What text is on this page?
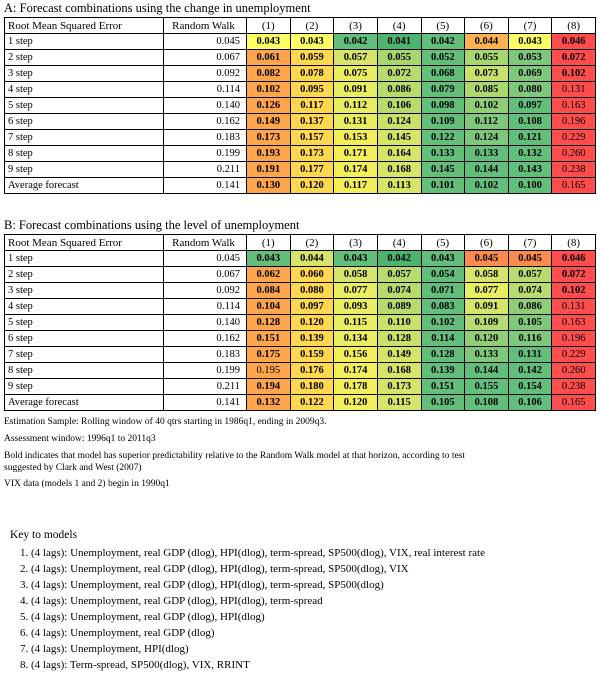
A: Forecast combinations using the change in unemployment
Root Mean Squared Error	Random Walk	(1)	(2)	(3)	(4)	(5)	(6)	(7)	(8)
1 step	0.045	0.043	0.043	0.042	0.041	0.042	0.044	0.043	0.046
2 step	0.067	0.061	0.059	0.057	0.055	0.052	0.055	0.053	0.072
3 step	0.092	0.082	0.078	0.075	0.072	0.068	0.073	0.069	0.102
4 step	0.114	0.102	0.095	0.091	0.086	0.079	0.085	0.080	0.131
5 step	0.140	0.126	0.117	0.112	0.106	0.098	0.102	0.097	0.163
6 step	0.162	0.149	0.137	0.131	0.124	0.109	0.112	0.108	0.196
7 step	0.183	0.173	0.157	0.153	0.145	0.122	0.124	0.121	0.229
8 step	0.199	0.193	0.173	0.171	0.164	0.133	0.133	0.132	0.260
9 step	0.211	0.191	0.177	0.174	0.168	0.145	0.144	0.143	0.238
Average forecast	0.141	0.130	0.120	0.117	0.113	0.101	0.102	0.100	0.165
B: Forecast combinations using the level of unemployment
Root Mean Squared Error	Random Walk	(1)	(2)	(3)	(4)	(5)	(6)	(7)	(8)
1 step	0.045	0.043	0.044	0.043	0.042	0.043	0.045	0.045	0.046
2 step	0.067	0.062	0.060	0.058	0.057	0.054	0.058	0.057	0.072
3 step	0.092	0.084	0.080	0.077	0.074	0.071	0.077	0.074	0.102
4 step	0.114	0.104	0.097	0.093	0.089	0.083	0.091	0.086	0.131
5 step	0.140	0.128	0.120	0.115	0.110	0.102	0.109	0.105	0.163
6 step	0.162	0.151	0.139	0.134	0.128	0.114	0.120	0.116	0.196
7 step	0.183	0.175	0.159	0.156	0.149	0.128	0.133	0.131	0.229
8 step	0.199	0.195	0.176	0.174	0.168	0.139	0.144	0.142	0.260
9 step	0.211	0.194	0.180	0.178	0.173	0.151	0.155	0.154	0.238
Average forecast	0.141	0.132	0.122	0.120	0.115	0.105	0.108	0.106	0.165
Estimation Sample: Rolling window of 40 qtrs starting in 1986q1, ending in 2009q3.
Assessment window: 1996q1 to 2011q3
Bold indicates that model has superior predictability relative to the Random Walk model at that horizon, according to test suggested by Clark and West (2007)
VIX data (models 1 and 2) begin in 1990q1
Key to models
1. (4 lags): Unemployment, real GDP (dlog), HPI(dlog), term-spread, SP500(dlog), VIX, real interest rate
2. (4 lags): Unemployment, real GDP (dlog), HPI(dlog), term-spread, SP500(dlog), VIX
3. (4 lags): Unemployment, real GDP (dlog), HPI(dlog), term-spread, SP500(dlog)
4. (4 lags): Unemployment, real GDP (dlog), HPI(dlog), term-spread
5. (4 lags): Unemployment, real GDP (dlog), HPI(dlog)
6. (4 lags): Unemployment, real GDP (dlog)
7. (4 lags): Unemployment, HPI(dlog)
8. (4 lags): Term-spread, SP500(dlog), VIX, RRINT
